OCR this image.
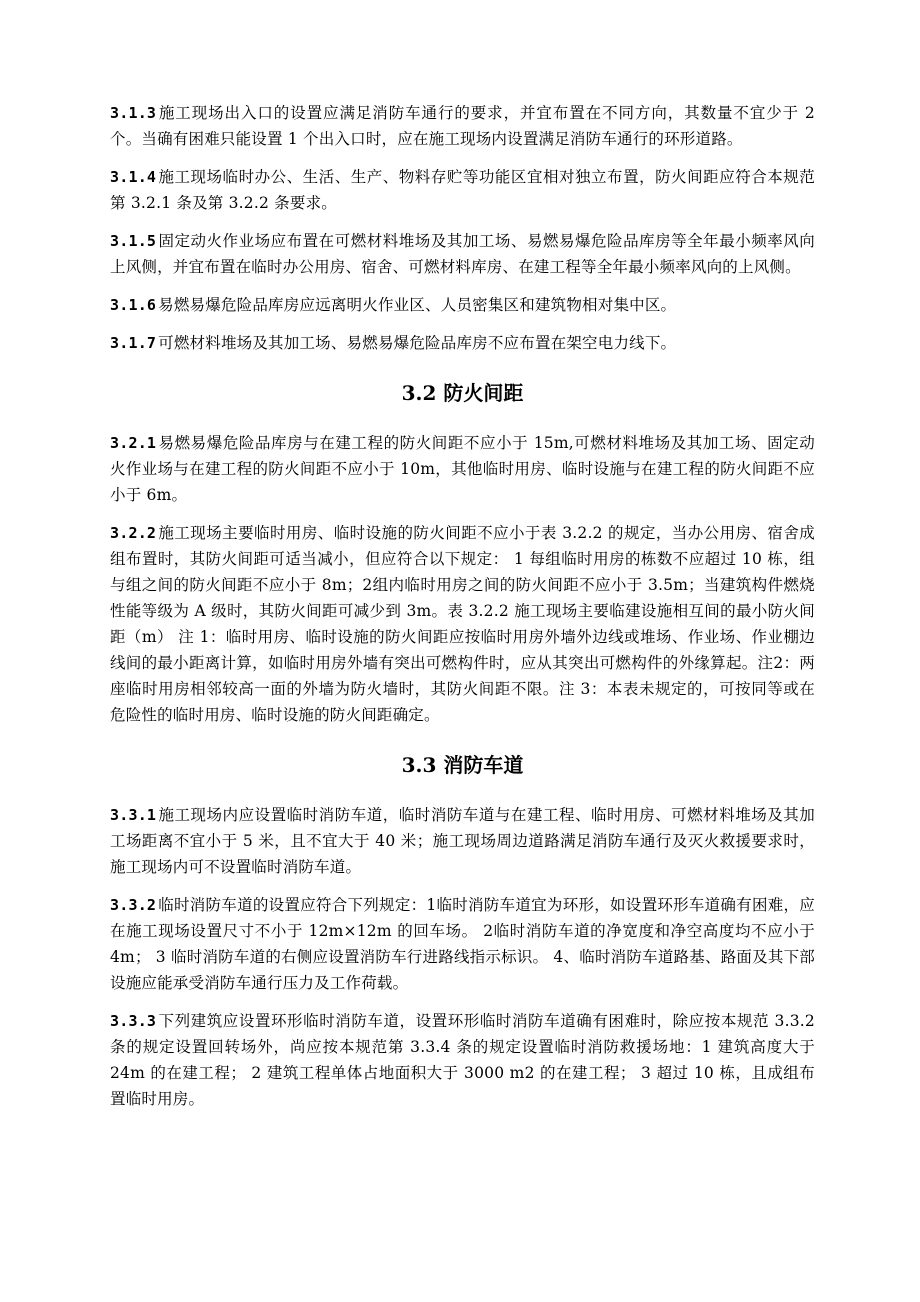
3.1.3 施工现场出入口的设置应满足消防车通行的要求，并宜布置在不同方向，其数量不宜少于 2 个。当确有困难只能设置 1 个出入口时，应在施工现场内设置满足消防车通行的环形道路。

3.1.4 施工现场临时办公、生活、生产、物料存贮等功能区宜相对独立布置，防火间距应符合本规范第 3.2.1 条及第 3.2.2 条要求。

3.1.5 固定动火作业场应布置在可燃材料堆场及其加工场、易燃易爆危险品库房等全年最小频率风向上风侧，并宜布置在临时办公用房、宿舍、可燃材料库房、在建工程等全年最小频率风向的上风侧。

3.1.6 易燃易爆危险品库房应远离明火作业区、人员密集区和建筑物相对集中区。

3.1.7 可燃材料堆场及其加工场、易燃易爆危险品库房不应布置在架空电力线下。

3.2 防火间距

3.2.1 易燃易爆危险品库房与在建工程的防火间距不应小于 15m,可燃材料堆场及其加工场、固定动火作业场与在建工程的防火间距不应小于 10m，其他临时用房、临时设施与在建工程的防火间距不应小于 6m。

3.2.2 施工现场主要临时用房、临时设施的防火间距不应小于表 3.2.2 的规定，当办公用房、宿舍成组布置时，其防火间距可适当减小，但应符合以下规定： 1 每组临时用房的栋数不应超过 10 栋，组与组之间的防火间距不应小于 8m；2组内临时用房之间的防火间距不应小于 3.5m；当建筑构件燃烧性能等级为 A 级时，其防火间距可减少到 3m。表 3.2.2 施工现场主要临建设施相互间的最小防火间距（m） 注 1：临时用房、临时设施的防火间距应按临时用房外墙外边线或堆场、作业场、作业棚边线间的最小距离计算，如临时用房外墙有突出可燃构件时，应从其突出可燃构件的外缘算起。注2：两座临时用房相邻较高一面的外墙为防火墙时，其防火间距不限。注 3：本表未规定的，可按同等或在危险性的临时用房、临时设施的防火间距确定。

3.3 消防车道

3.3.1 施工现场内应设置临时消防车道，临时消防车道与在建工程、临时用房、可燃材料堆场及其加工场距离不宜小于 5 米，且不宜大于 40 米；施工现场周边道路满足消防车通行及灭火救援要求时，施工现场内可不设置临时消防车道。

3.3.2 临时消防车道的设置应符合下列规定：1临时消防车道宜为环形，如设置环形车道确有困难，应在施工现场设置尺寸不小于 12m×12m 的回车场。 2临时消防车道的净宽度和净空高度均不应小于 4m； 3 临时消防车道的右侧应设置消防车行进路线指示标识。 4、临时消防车道路基、路面及其下部设施应能承受消防车通行压力及工作荷载。

3.3.3 下列建筑应设置环形临时消防车道，设置环形临时消防车道确有困难时，除应按本规范 3.3.2 条的规定设置回转场外，尚应按本规范第 3.3.4 条的规定设置临时消防救援场地：1 建筑高度大于 24m 的在建工程； 2 建筑工程单体占地面积大于 3000 m2 的在建工程； 3 超过 10 栋，且成组布置临时用房。
